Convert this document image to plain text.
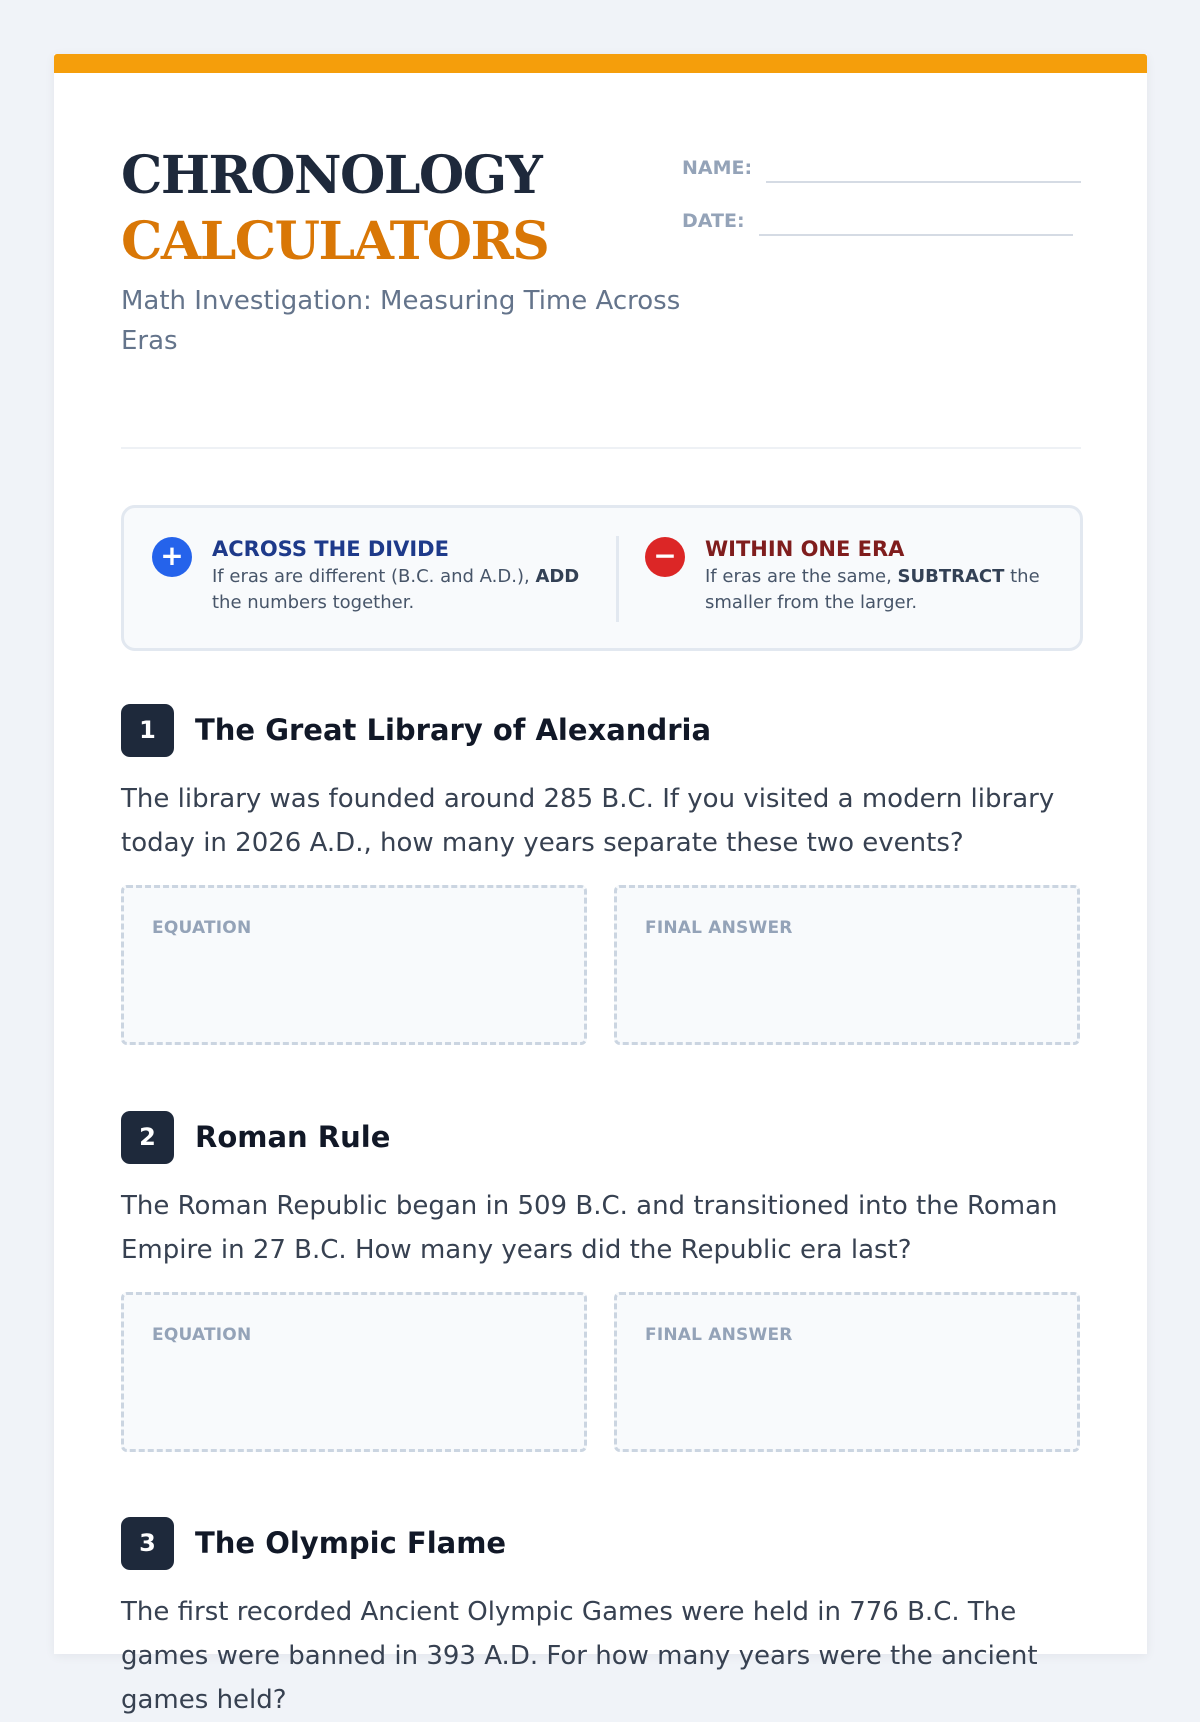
CHRONOLOGY
CALCULATORS
Math Investigation: Measuring Time Across Eras
NAME:
DATE:
+	ACROSS THE DIVIDE
If eras are different (B.C. and A.D.), ADD the numbers together.
−	WITHIN ONE ERA
If eras are the same, SUBTRACT the smaller from the larger.
1	The Great Library of Alexandria
The library was founded around 285 B.C. If you visited a modern library today in 2026 A.D., how many years separate these two events?
EQUATION	FINAL ANSWER
2	Roman Rule
The Roman Republic began in 509 B.C. and transitioned into the Roman Empire in 27 B.C. How many years did the Republic era last?
EQUATION	FINAL ANSWER
3	The Olympic Flame
The first recorded Ancient Olympic Games were held in 776 B.C. The games were banned in 393 A.D. For how many years were the ancient games held?
